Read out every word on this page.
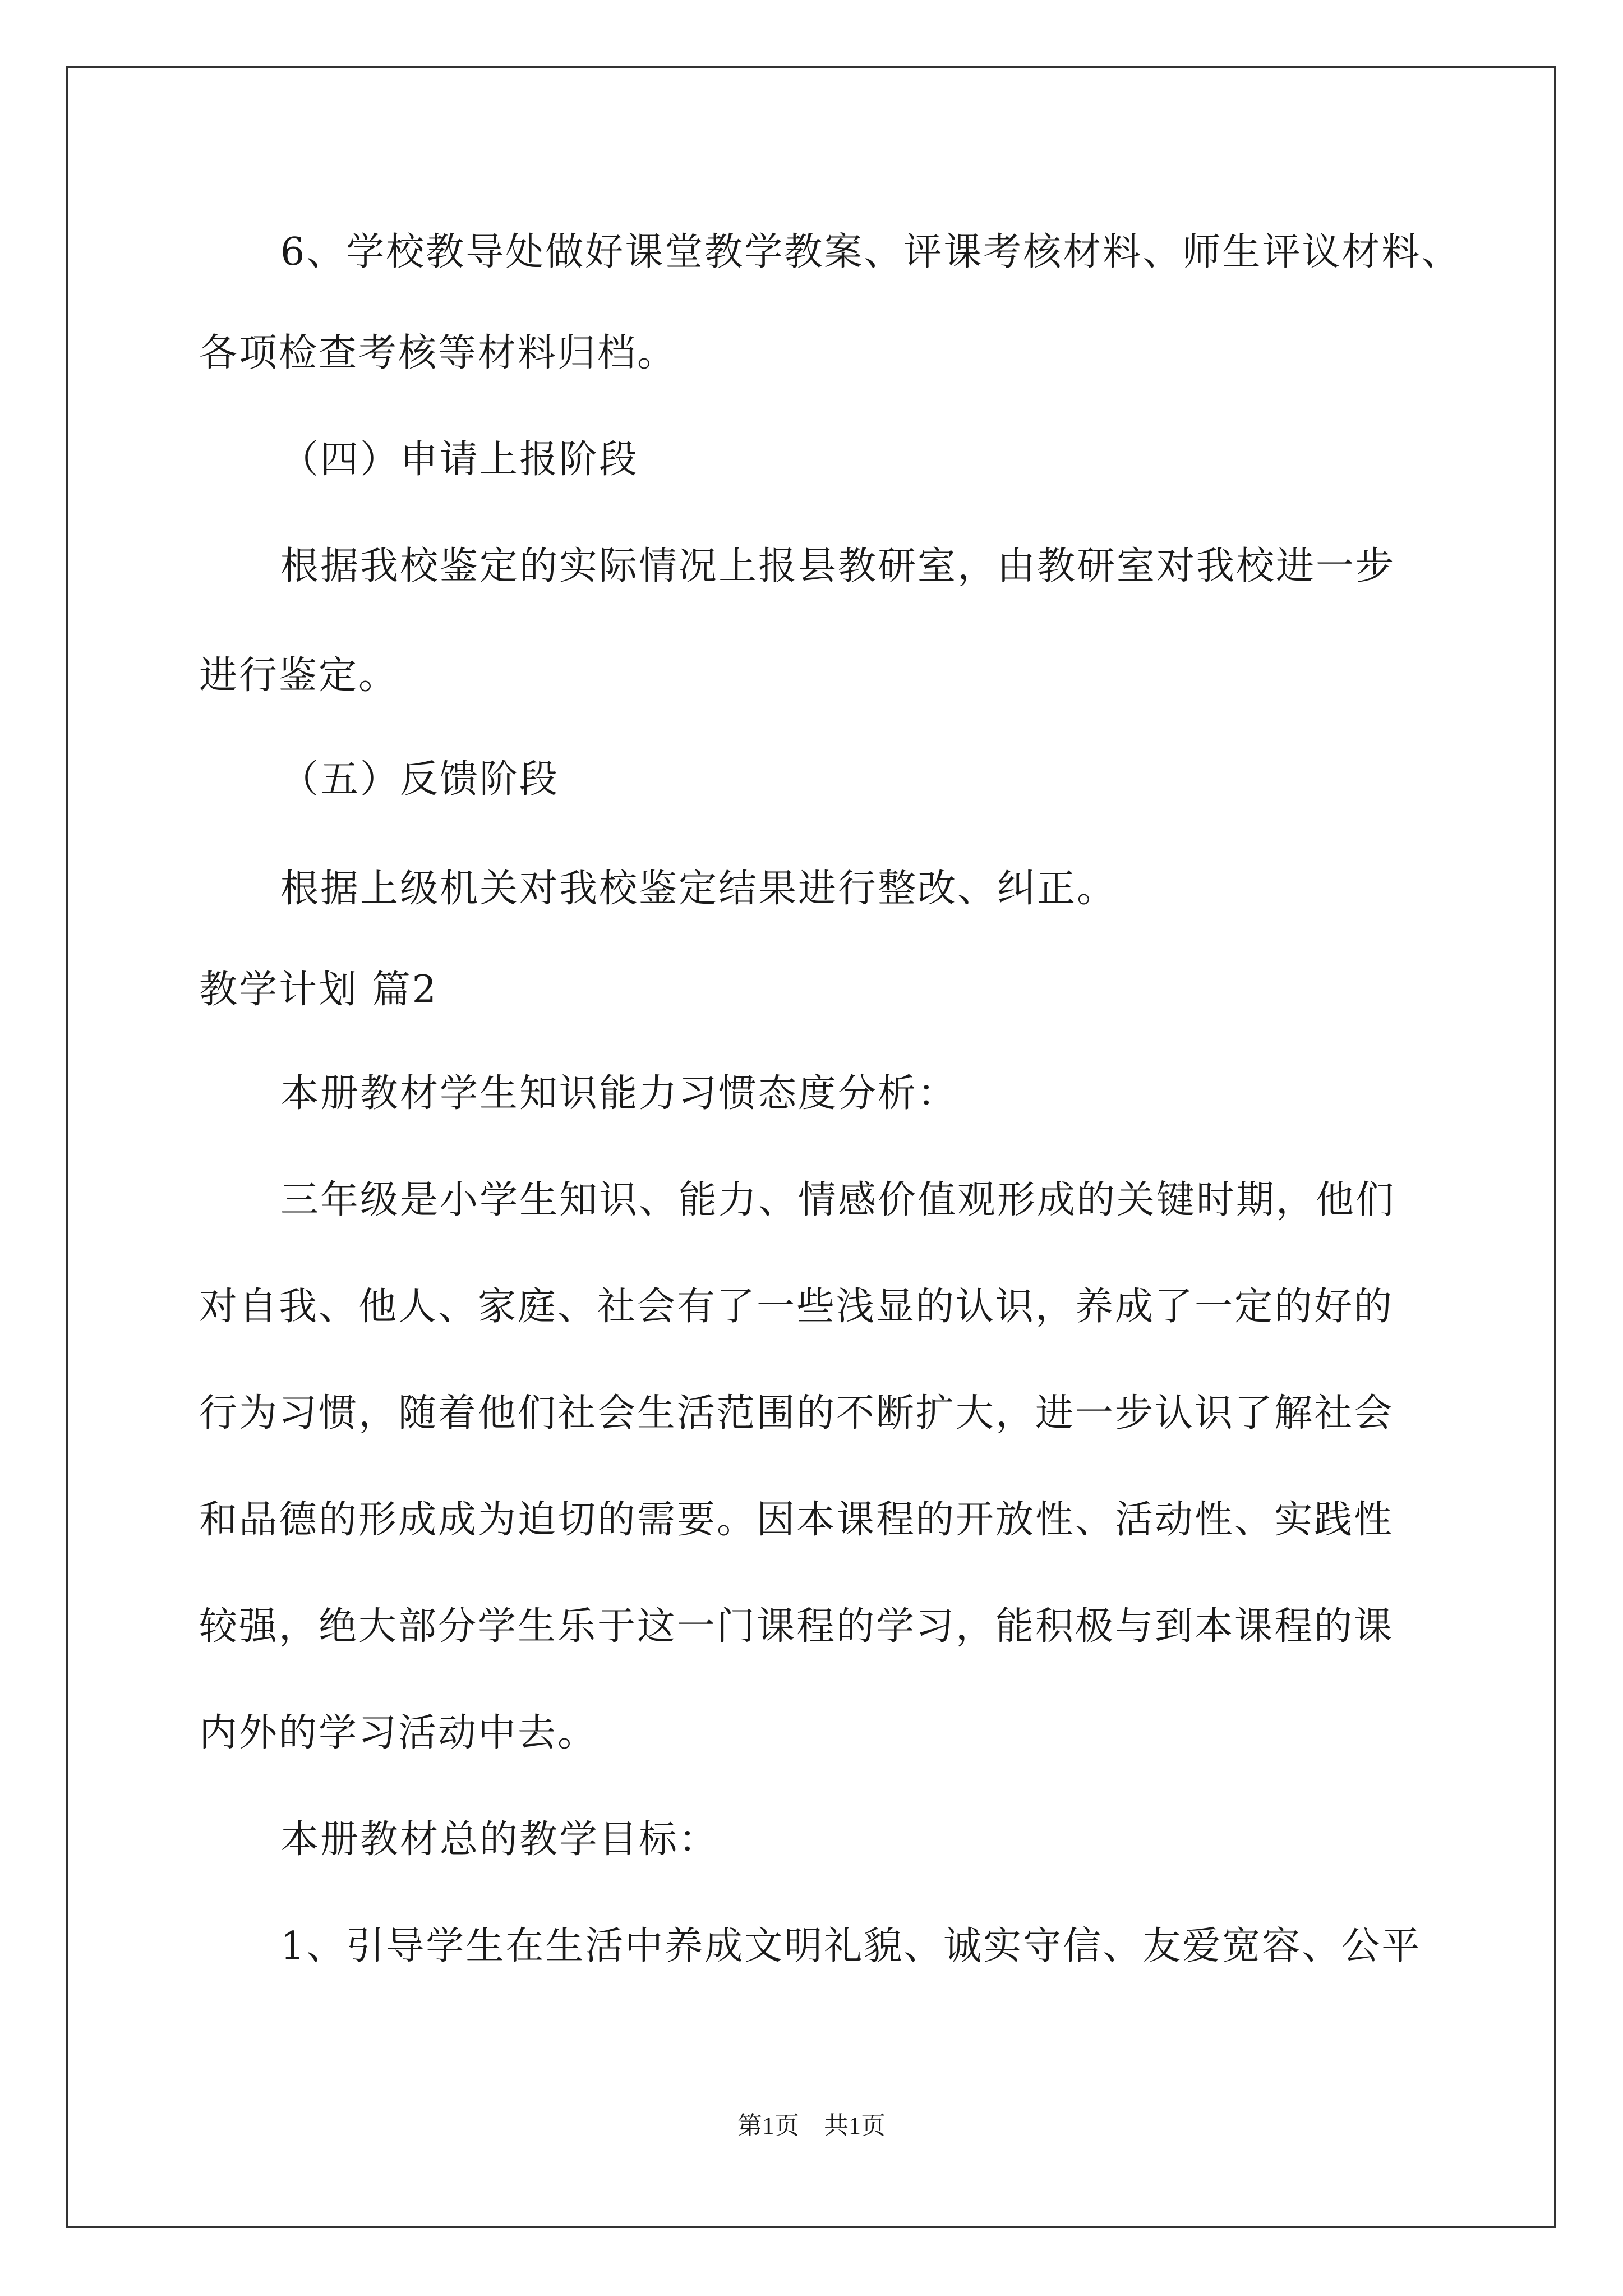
6、学校教导处做好课堂教学教案、评课考核材料、师生评议材料、
各项检查考核等材料归档。
（四）申请上报阶段
根据我校鉴定的实际情况上报县教研室，由教研室对我校进一步
进行鉴定。
（五）反馈阶段
根据上级机关对我校鉴定结果进行整改、纠正。
教学计划 篇2
本册教材学生知识能力习惯态度分析：
三年级是小学生知识、能力、情感价值观形成的关键时期，他们
对自我、他人、家庭、社会有了一些浅显的认识，养成了一定的好的
行为习惯，随着他们社会生活范围的不断扩大，进一步认识了解社会
和品德的形成成为迫切的需要。因本课程的开放性、活动性、实践性
较强，绝大部分学生乐于这一门课程的学习，能积极与到本课程的课
内外的学习活动中去。
本册教材总的教学目标：
1、引导学生在生活中养成文明礼貌、诚实守信、友爱宽容、公平
第1页　共1页
